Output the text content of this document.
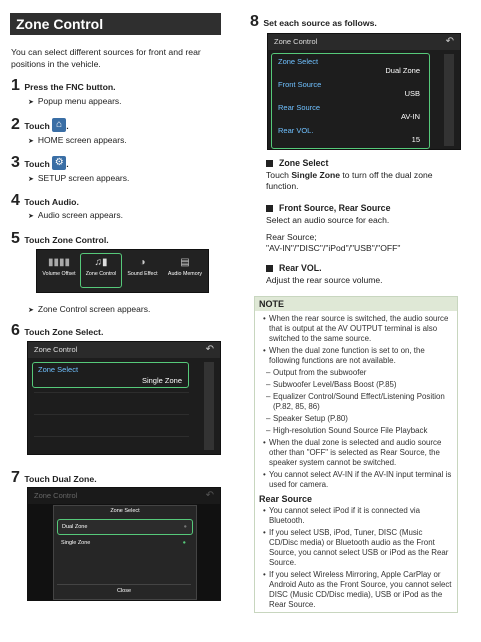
Zone Control
You can select different sources for front and rear positions in the vehicle.
1 Press the FNC button.
➤ Popup menu appears.
2 Touch ⌂ .
➤ HOME screen appears.
3 Touch ⚙ .
➤ SETUP screen appears.
4 Touch Audio.
➤ Audio screen appears.
5 Touch Zone Control.
▮▮▮▮
Volume Offset
♫▮
Zone Control
◑
Sound Effect
▤
Audio Memory
➤ Zone Control screen appears.
6 Touch Zone Select.
Zone Control	↶
Zone Select
Single Zone
7 Touch Dual Zone.
Zone Control	↶
Zone Select
Dual Zone	●
Single Zone	●
Close
8 Set each source as follows.
Zone Control	↶
Zone Select
Dual Zone
Front Source
USB
Rear Source
AV-IN
Rear VOL.
15
Zone Select
Touch Single Zone to turn off the dual zone function.
Front Source, Rear Source
Select an audio source for each.
Rear Source;
"AV-IN"/"DISC"/"iPod"/"USB"/"OFF"
Rear VOL.
Adjust the rear source volume.
NOTE
• When the rear source is switched, the audio source that is output at the AV OUTPUT terminal is also switched to the same source.
• When the dual zone function is set to on, the following functions are not available.
– Output from the subwoofer
– Subwoofer Level/Bass Boost (P.85)
– Equalizer Control/Sound Effect/Listening Position (P.82, 85, 86)
– Speaker Setup (P.80)
– High-resolution Sound Source File Playback
• When the dual zone is selected and audio source other than "OFF" is selected as Rear Source, the speaker system cannot be switched.
• You cannot select AV-IN if the AV-IN input terminal is used for camera.
Rear Source
• You cannot select iPod if it is connected via Bluetooth.
• If you select USB, iPod, Tuner, DISC (Music CD/Disc media) or Bluetooth audio as the Front Source, you cannot select USB or iPod as the Rear Source.
• If you select Wireless Mirroring, Apple CarPlay or Android Auto as the Front Source, you cannot select DISC (Music CD/Disc media), USB or iPod as the Rear Source.
